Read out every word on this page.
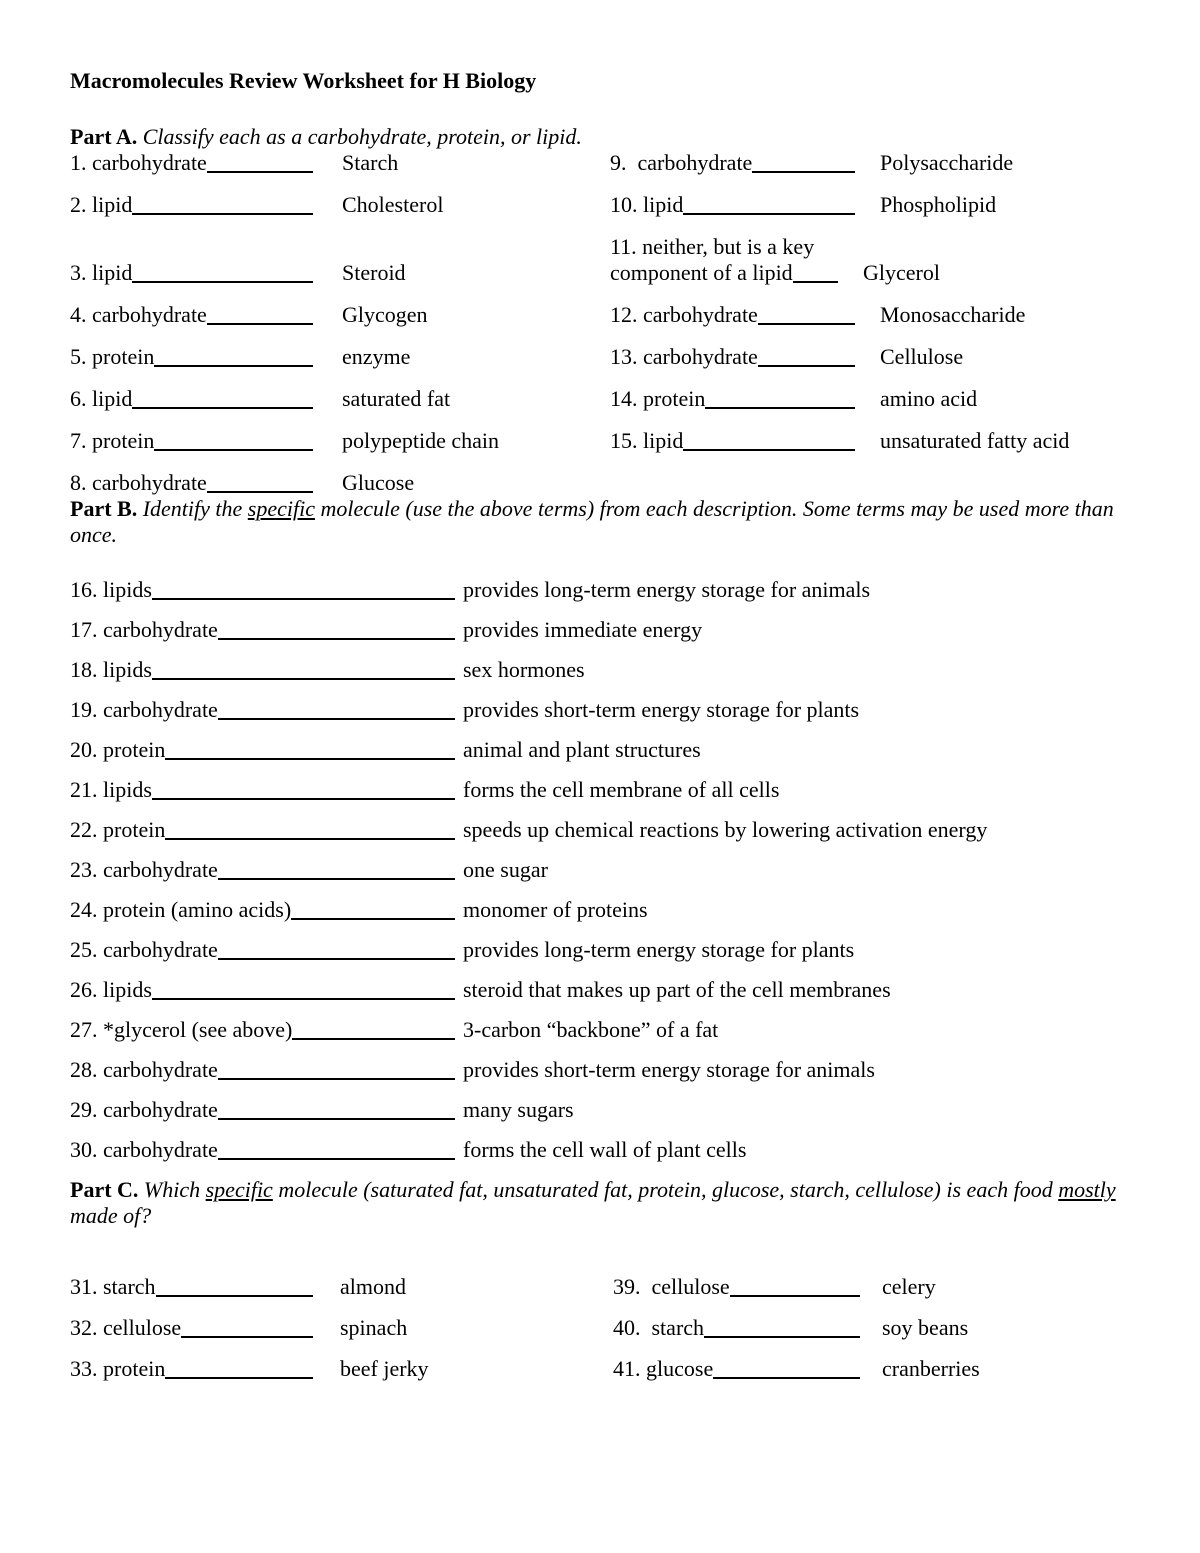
Macromolecules Review Worksheet for H Biology

Part A. Classify each as a carbohydrate, protein, or lipid.

1. carbohydrate	Starch	9.  carbohydrate	Polysaccharide
2. lipid	Cholesterol	10. lipid	Phospholipid
3. lipid	Steroid
11. neither, but is a key
component of a lipid	Glycerol
4. carbohydrate	Glycogen	12. carbohydrate	Monosaccharide
5. protein	enzyme	13. carbohydrate	Cellulose
6. lipid	saturated fat	14. protein	amino acid
7. protein	polypeptide chain	15. lipid	unsaturated fatty acid
8. carbohydrate	Glucose

Part B. Identify the specific molecule (use the above terms) from each description. Some terms may be used more than once.

16. lipids	provides long-term energy storage for animals
17. carbohydrate	provides immediate energy
18. lipids	sex hormones
19. carbohydrate	provides short-term energy storage for plants
20. protein	animal and plant structures
21. lipids	forms the cell membrane of all cells
22. protein	speeds up chemical reactions by lowering activation energy
23. carbohydrate	one sugar
24. protein (amino acids)	monomer of proteins
25. carbohydrate	provides long-term energy storage for plants
26. lipids	steroid that makes up part of the cell membranes
27. *glycerol (see above)	3-carbon “backbone” of a fat
28. carbohydrate	provides short-term energy storage for animals
29. carbohydrate	many sugars
30. carbohydrate	forms the cell wall of plant cells

Part C. Which specific molecule (saturated fat, unsaturated fat, protein, glucose, starch, cellulose) is each food mostly made of?

31. starch	almond	39.  cellulose	celery
32. cellulose	spinach	40.  starch	soy beans
33. protein	beef jerky	41. glucose	cranberries
